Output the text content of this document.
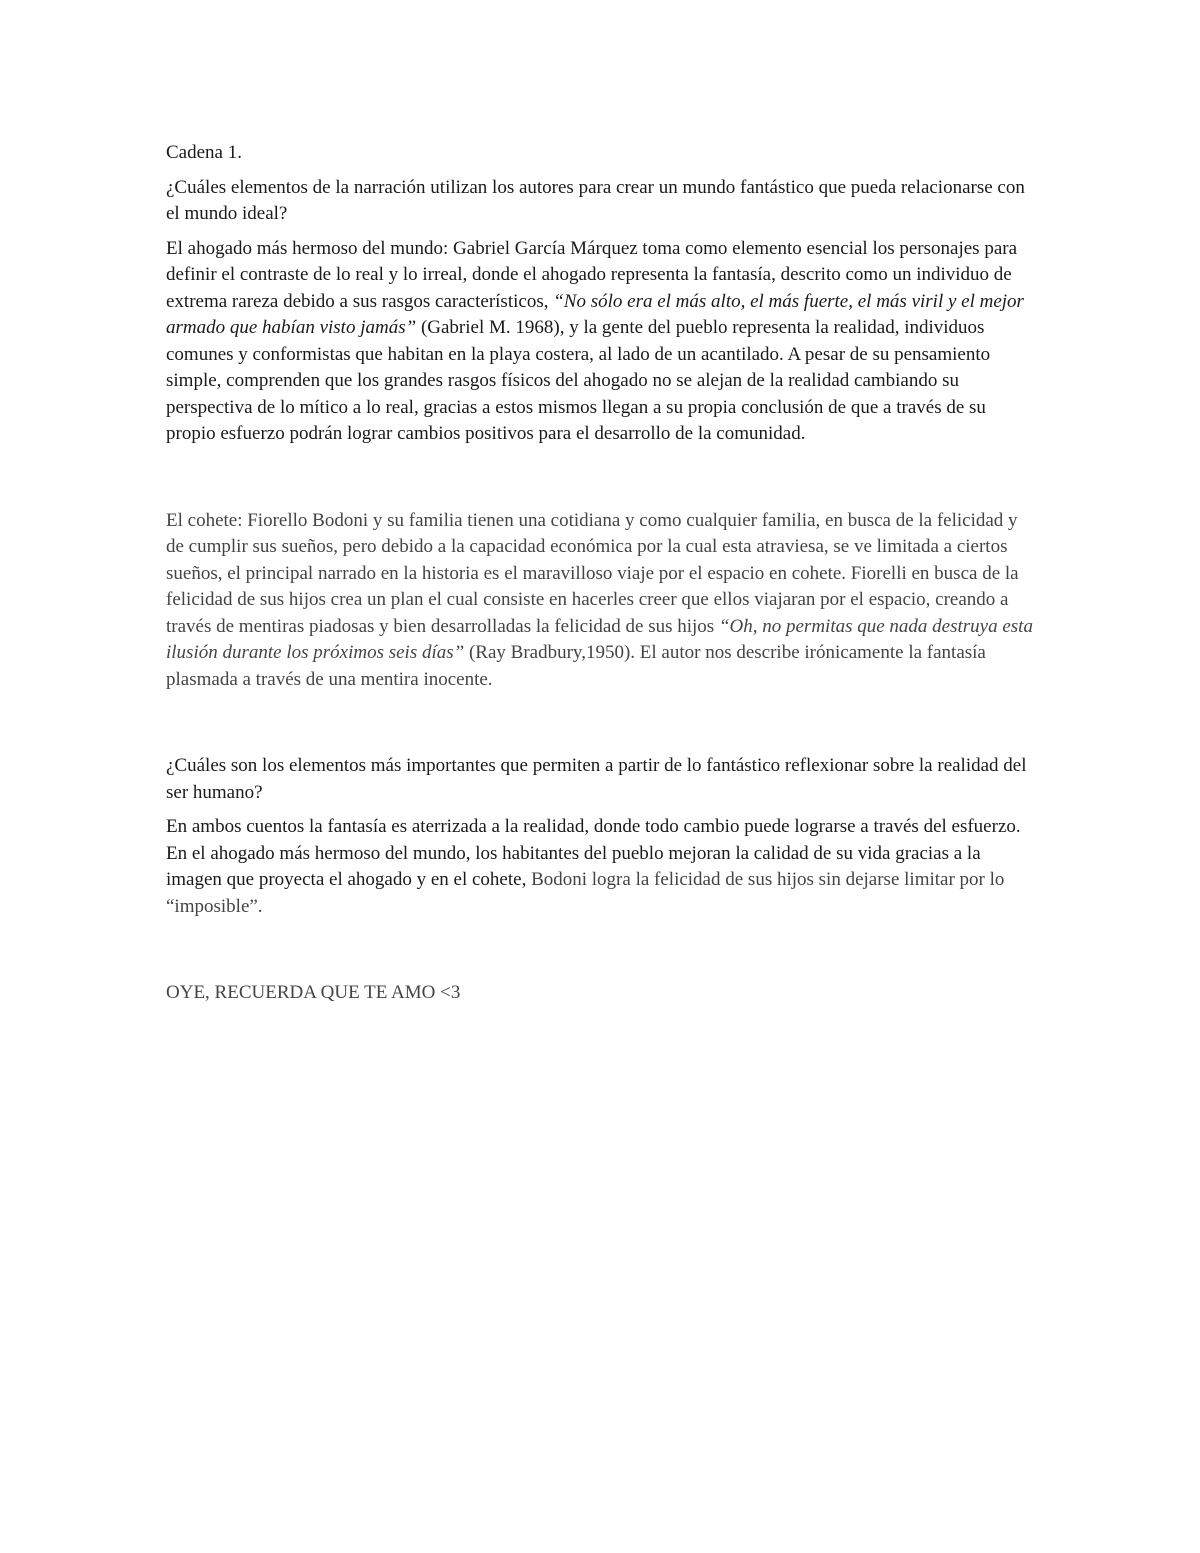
Cadena 1.

¿Cuáles elementos de la narración utilizan los autores para crear un mundo fantástico que pueda relacionarse con el mundo ideal?

El ahogado más hermoso del mundo: Gabriel García Márquez toma como elemento esencial los personajes para definir el contraste de lo real y lo irreal, donde el ahogado representa la fantasía, descrito como un individuo de extrema rareza debido a sus rasgos característicos, “No sólo era el más alto, el más fuerte, el más viril y el mejor armado que habían visto jamás” (Gabriel M. 1968), y la gente del pueblo representa la realidad, individuos comunes y conformistas que habitan en la playa costera, al lado de un acantilado. A pesar de su pensamiento simple, comprenden que los grandes rasgos físicos del ahogado no se alejan de la realidad cambiando su perspectiva de lo mítico a lo real, gracias a estos mismos llegan a su propia conclusión de que a través de su propio esfuerzo podrán lograr cambios positivos para el desarrollo de la comunidad.

El cohete: Fiorello Bodoni y su familia tienen una cotidiana y como cualquier familia, en busca de la felicidad y de cumplir sus sueños, pero debido a la capacidad económica por la cual esta atraviesa, se ve limitada a ciertos sueños, el principal narrado en la historia es el maravilloso viaje por el espacio en cohete. Fiorelli en busca de la felicidad de sus hijos crea un plan el cual consiste en hacerles creer que ellos viajaran por el espacio, creando a través de mentiras piadosas y bien desarrolladas la felicidad de sus hijos “Oh, no permitas que nada destruya esta ilusión durante los próximos seis días” (Ray Bradbury,1950). El autor nos describe irónicamente la fantasía plasmada a través de una mentira inocente.

¿Cuáles son los elementos más importantes que permiten a partir de lo fantástico reflexionar sobre la realidad del ser humano?

En ambos cuentos la fantasía es aterrizada a la realidad, donde todo cambio puede lograrse a través del esfuerzo. En el ahogado más hermoso del mundo, los habitantes del pueblo mejoran la calidad de su vida gracias a la imagen que proyecta el ahogado y en el cohete, Bodoni logra la felicidad de sus hijos sin dejarse limitar por lo “imposible”.

OYE, RECUERDA QUE TE AMO <3
